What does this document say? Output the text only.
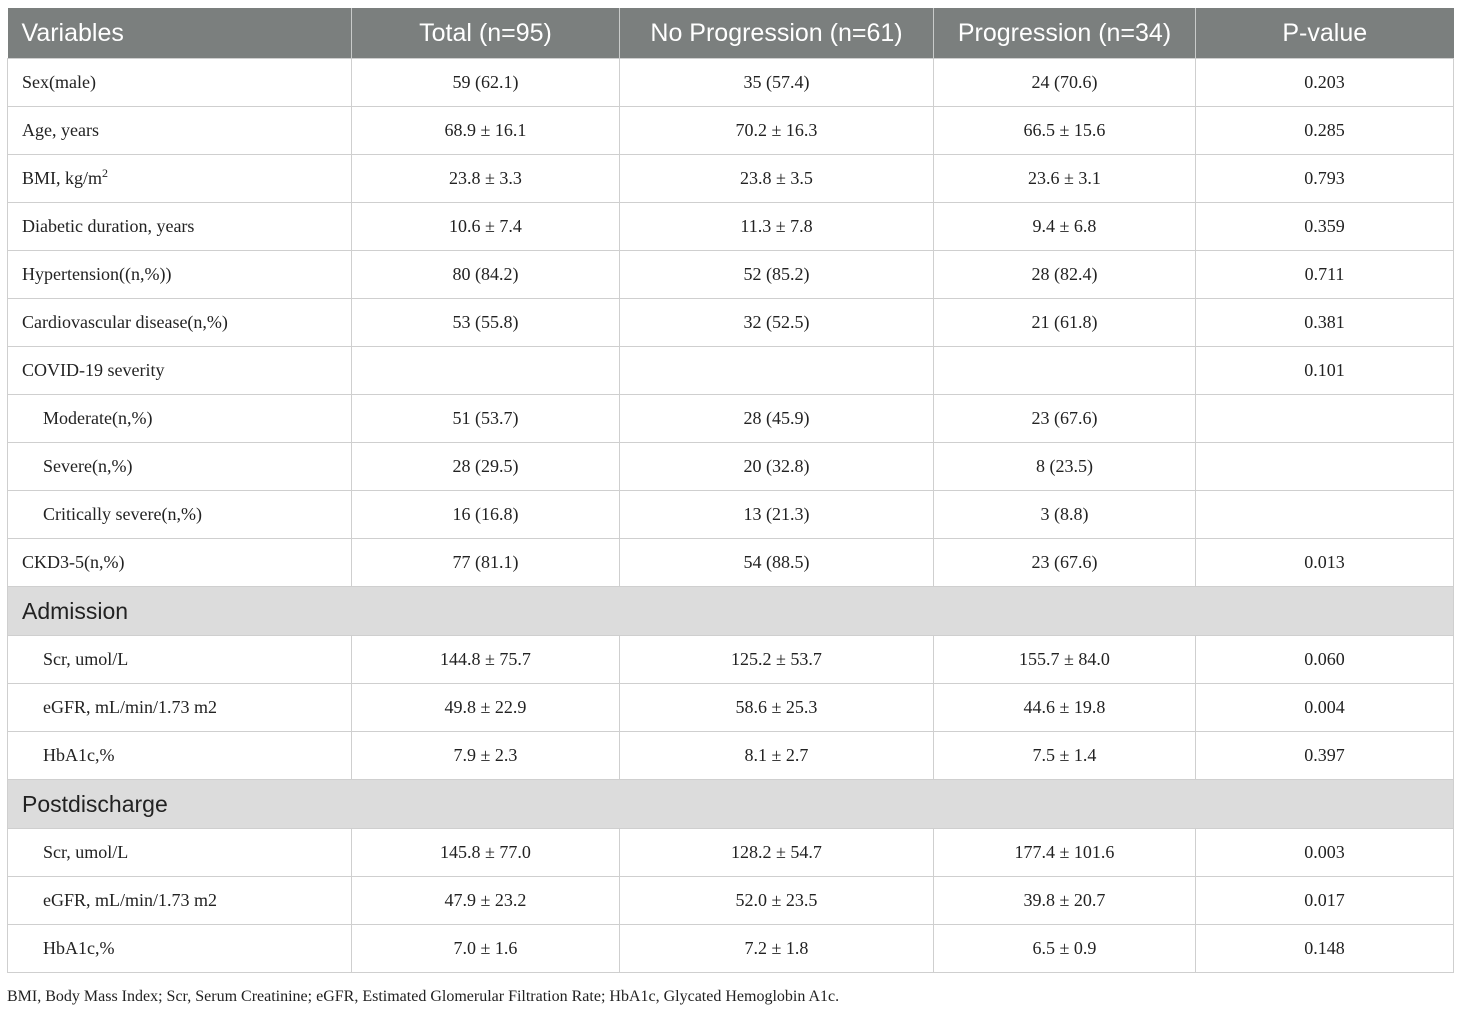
Variables	Total (n=95)	No Progression (n=61)	Progression (n=34)	P-value
Sex(male)	59 (62.1)	35 (57.4)	24 (70.6)	0.203
Age, years	68.9 ± 16.1	70.2 ± 16.3	66.5 ± 15.6	0.285
BMI, $kg/m^2$	23.8 ± 3.3	23.8 ± 3.5	23.6 ± 3.1	0.793
Diabetic duration, years	10.6 ± 7.4	11.3 ± 7.8	9.4 ± 6.8	0.359
Hypertension((n,%))	80 (84.2)	52 (85.2)	28 (82.4)	0.711
Cardiovascular disease(n,%)	53 (55.8)	32 (52.5)	21 (61.8)	0.381
COVID-19 severity				0.101
Moderate(n,%)	51 (53.7)	28 (45.9)	23 (67.6)	
Severe(n,%)	28 (29.5)	20 (32.8)	8 (23.5)	
Critically severe(n,%)	16 (16.8)	13 (21.3)	3 (8.8)	
CKD3-5(n,%)	77 (81.1)	54 (88.5)	23 (67.6)	0.013
Admission				
Scr, umol/L	144.8 ± 75.7	125.2 ± 53.7	155.7 ± 84.0	0.060
eGFR, mL/min/1.73 m2	49.8 ± 22.9	58.6 ± 25.3	44.6 ± 19.8	0.004
HbA1c,%	7.9 ± 2.3	8.1 ± 2.7	7.5 ± 1.4	0.397
Postdischarge				
Scr, umol/L	145.8 ± 77.0	128.2 ± 54.7	177.4 ± 101.6	0.003
eGFR, mL/min/1.73 m2	47.9 ± 23.2	52.0 ± 23.5	39.8 ± 20.7	0.017
HbA1c,%	7.0 ± 1.6	7.2 ± 1.8	6.5 ± 0.9	0.148
BMI, Body Mass Index; Scr, Serum Creatinine; eGFR, Estimated Glomerular Filtration Rate; HbA1c, Glycated Hemoglobin A1c.
